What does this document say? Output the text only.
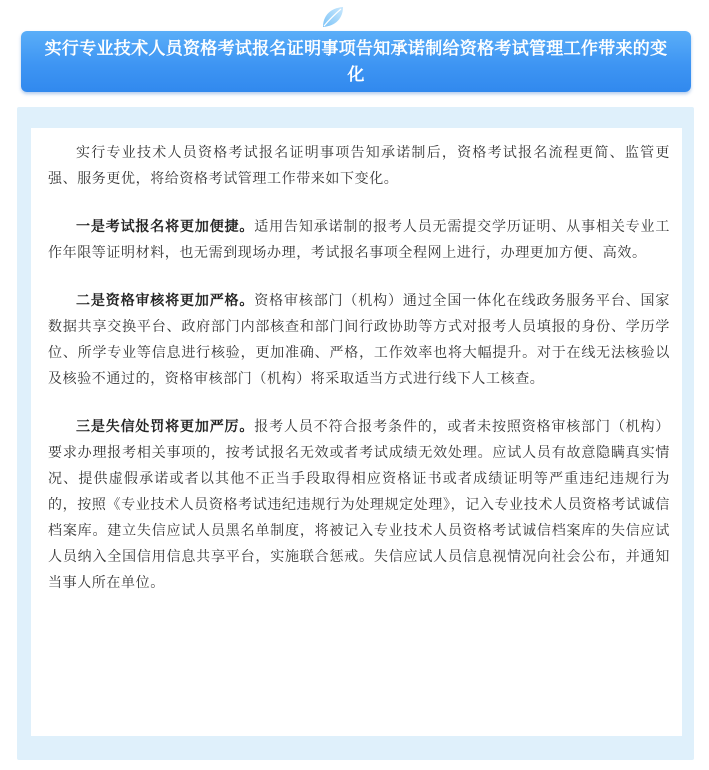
实行专业技术人员资格考试报名证明事项告知承诺制给资格考试管理工作带来的变化

实行专业技术人员资格考试报名证明事项告知承诺制后，资格考试报名流程更简、监管更强、服务更优，将给资格考试管理工作带来如下变化。

一是考试报名将更加便捷。适用告知承诺制的报考人员无需提交学历证明、从事相关专业工作年限等证明材料，也无需到现场办理，考试报名事项全程网上进行，办理更加方便、高效。

二是资格审核将更加严格。资格审核部门（机构）通过全国一体化在线政务服务平台、国家数据共享交换平台、政府部门内部核查和部门间行政协助等方式对报考人员填报的身份、学历学位、所学专业等信息进行核验，更加准确、严格，工作效率也将大幅提升。对于在线无法核验以及核验不通过的，资格审核部门（机构）将采取适当方式进行线下人工核查。

三是失信处罚将更加严厉。报考人员不符合报考条件的，或者未按照资格审核部门（机构）要求办理报考相关事项的，按考试报名无效或者考试成绩无效处理。应试人员有故意隐瞒真实情况、提供虚假承诺或者以其他不正当手段取得相应资格证书或者成绩证明等严重违纪违规行为的，按照《专业技术人员资格考试违纪违规行为处理规定处理》，记入专业技术人员资格考试诚信档案库。建立失信应试人员黑名单制度，将被记入专业技术人员资格考试诚信档案库的失信应试人员纳入全国信用信息共享平台，实施联合惩戒。失信应试人员信息视情况向社会公布，并通知当事人所在单位。
